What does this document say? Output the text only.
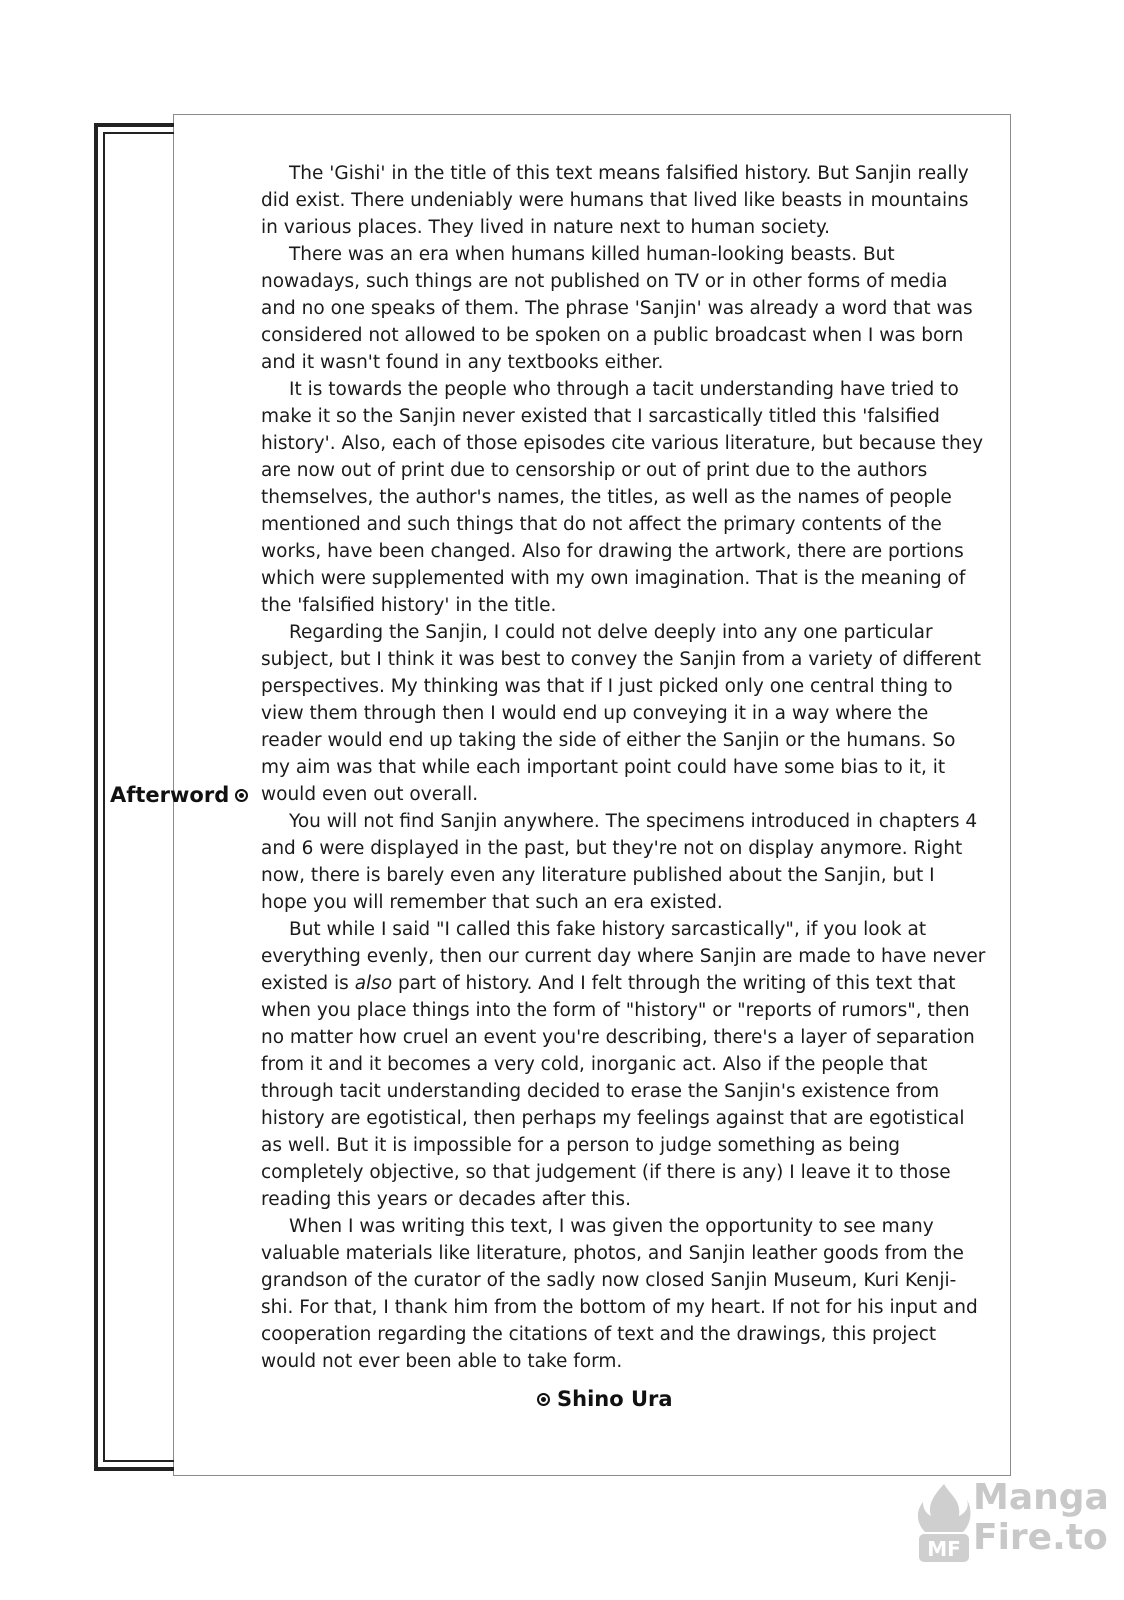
Afterword

The 'Gishi' in the title of this text means falsified history. But Sanjin really did exist. There undeniably were humans that lived like beasts in mountains in various places. They lived in nature next to human society.

There was an era when humans killed human-looking beasts. But nowadays, such things are not published on TV or in other forms of media and no one speaks of them. The phrase 'Sanjin' was already a word that was considered not allowed to be spoken on a public broadcast when I was born and it wasn't found in any textbooks either.

It is towards the people who through a tacit understanding have tried to make it so the Sanjin never existed that I sarcastically titled this 'falsified history'. Also, each of those episodes cite various literature, but because they are now out of print due to censorship or out of print due to the authors themselves, the author's names, the titles, as well as the names of people mentioned and such things that do not affect the primary contents of the works, have been changed. Also for drawing the artwork, there are portions which were supplemented with my own imagination. That is the meaning of the 'falsified history' in the title.

Regarding the Sanjin, I could not delve deeply into any one particular subject, but I think it was best to convey the Sanjin from a variety of different perspectives. My thinking was that if I just picked only one central thing to view them through then I would end up conveying it in a way where the reader would end up taking the side of either the Sanjin or the humans. So my aim was that while each important point could have some bias to it, it would even out overall.

You will not find Sanjin anywhere. The specimens introduced in chapters 4 and 6 were displayed in the past, but they're not on display anymore. Right now, there is barely even any literature published about the Sanjin, but I hope you will remember that such an era existed.

But while I said "I called this fake history sarcastically", if you look at everything evenly, then our current day where Sanjin are made to have never existed is also part of history. And I felt through the writing of this text that when you place things into the form of "history" or "reports of rumors", then no matter how cruel an event you're describing, there's a layer of separation from it and it becomes a very cold, inorganic act. Also if the people that through tacit understanding decided to erase the Sanjin's existence from history are egotistical, then perhaps my feelings against that are egotistical as well. But it is impossible for a person to judge something as being completely objective, so that judgement (if there is any) I leave it to those reading this years or decades after this.

When I was writing this text, I was given the opportunity to see many valuable materials like literature, photos, and Sanjin leather goods from the grandson of the curator of the sadly now closed Sanjin Museum, Kuri Kenji-shi. For that, I thank him from the bottom of my heart. If not for his input and cooperation regarding the citations of text and the drawings, this project would not ever been able to take form.

Shino Ura
MF
Manga
Fire.to
